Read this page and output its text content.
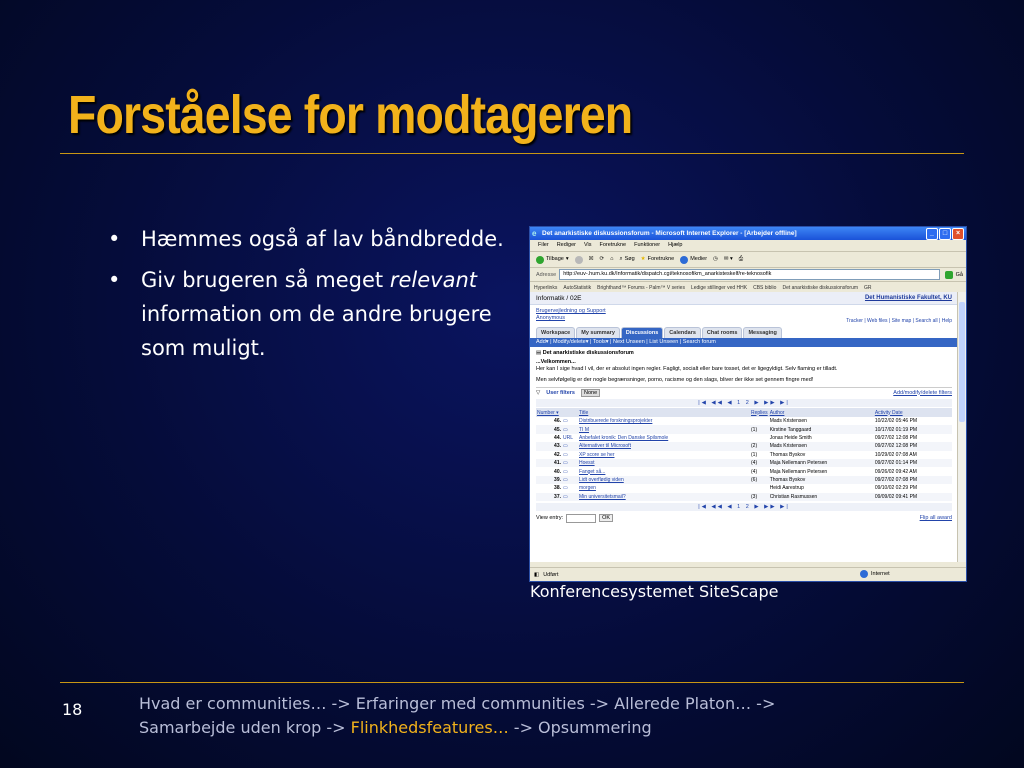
Forståelse for modtageren
• Hæmmes også af lav båndbredde.
• Giv brugeren så meget relevant information om de andre brugere som muligt.
e Det anarkistiske diskussionsforum - Microsoft Internet Explorer - [Arbejder offline]	_	□	×
Filer Rediger Vis Foretrukne Funktioner Hjælp
Tilbage ▾	☒ ⟳ ⌂ ⌕ Søg ★ Foretrukne	Medier ◷ ✉ ▾ ⎙
Adresse	http://euv-.hum.ku.dk/Informatik/dispatch.cgi/teknosofikm_anarkisteskelf/re-teknosofik	Gå
Hyperlinks AutoStatistik Brighthand™ Forums - Palm™ V series Ledige stillinger ved HHK CBS biblio Det anarkistiske diskussionsforum GR
Informatik / 02E	Det Humanistiske Fakultet, KU
Brugervejledning og Support
Anonymous	Tracker | Web files | Site map | Search all | Help
Workspace	My summary	Discussions	Calendars	Chat rooms	Messaging
Add▾ | Modify/delete▾ | Tools▾ | Next Unseen | List Unseen | Search forum
▤ Det anarkistiske diskussionsforum
...Velkommen...
Her kan I sige hvad I vil, der er absolut ingen regler. Fagligt, socialt eller bare tosset, det er ligegyldigt. Selv flaming er tilladt.
Men selvfølgelig er der nogle begrænsninger, porno, racisme og den slags, bliver der ikke set gennem fingre med!
▽ User filters	None	Add/modify/delete filters
|◀ ◀◀ ◀ 1 2 ▶ ▶▶ ▶|
Number ▾		Title	Replies	Author	Activity Date
46.	▭	Distribuerede forskningsprojekter		Mads Kristensen	10/22/02 05:46 PM
45.	▭	TI M	(1)	Kirstine Tanggaard	10/17/02 01:19 PM
44.	URL	Anbefalet kronik: Den Danske Spilsmole		Jonas Heide Smith	09/27/02 12:08 PM
43.	▭	Alternativer til Microsoft	(2)	Mads Kristensen	09/27/02 12:08 PM
42.	▭	XP score se her	(1)	Thomas Byskov	10/29/02 07:08 AM
41.	▭	Hoesst	(4)	Maja Nellemann Petersen	09/27/02 01:14 PM
40.	▭	Fanget så...	(4)	Maja Nellemann Petersen	09/26/02 09:42 AM
39.	▭	Lidt overflødig viden	(6)	Thomas Byskov	09/27/02 07:08 PM
38.	▭	morgen		Heidi Aarestrup	09/10/02 02:29 PM
37.	▭	Min universitetsmail?	(3)	Christian Rasmussen	09/09/02 09:41 PM
|◀ ◀◀ ◀ 1 2 ▶ ▶▶ ▶|
View entry:	OK	Flip all award
◧ Udført	Internet
Konferencesystemet SiteScape
18	Hvad er communities… -> Erfaringer med communities -> Allerede Platon… ->
Samarbejde uden krop -> Flinkhedsfeatures… -> Opsummering
